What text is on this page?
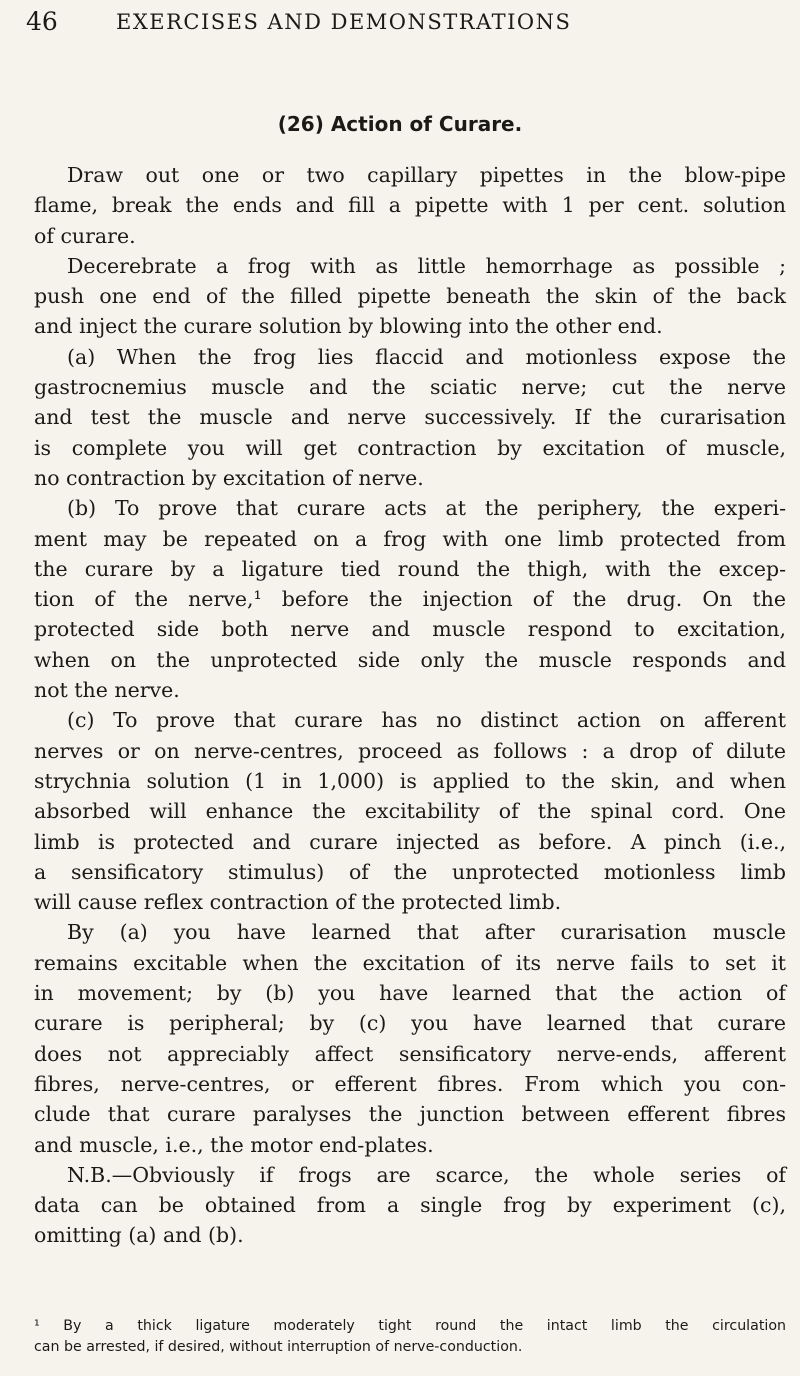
46	EXERCISES AND DEMONSTRATIONS
(26) Action of Curare.
Draw out one or two capillary pipettes in the blow-pipe
flame, break the ends and fill a pipette with 1 per cent. solution
of curare.
Decerebrate a frog with as little hemorrhage as possible ;
push one end of the filled pipette beneath the skin of the back
and inject the curare solution by blowing into the other end.
(a) When the frog lies flaccid and motionless expose the
gastrocnemius muscle and the sciatic nerve; cut the nerve
and test the muscle and nerve successively. If the curarisation
is complete you will get contraction by excitation of muscle,
no contraction by excitation of nerve.
(b) To prove that curare acts at the periphery, the experi-
ment may be repeated on a frog with one limb protected from
the curare by a ligature tied round the thigh, with the excep-
tion of the nerve,¹ before the injection of the drug. On the
protected side both nerve and muscle respond to excitation,
when on the unprotected side only the muscle responds and
not the nerve.
(c) To prove that curare has no distinct action on afferent
nerves or on nerve-centres, proceed as follows : a drop of dilute
strychnia solution (1 in 1,000) is applied to the skin, and when
absorbed will enhance the excitability of the spinal cord. One
limb is protected and curare injected as before. A pinch (i.e.,
a sensificatory stimulus) of the unprotected motionless limb
will cause reflex contraction of the protected limb.
By (a) you have learned that after curarisation muscle
remains excitable when the excitation of its nerve fails to set it
in movement; by (b) you have learned that the action of
curare is peripheral; by (c) you have learned that curare
does not appreciably affect sensificatory nerve-ends, afferent
fibres, nerve-centres, or efferent fibres. From which you con-
clude that curare paralyses the junction between efferent fibres
and muscle, i.e., the motor end-plates.
N.B.—Obviously if frogs are scarce, the whole series of
data can be obtained from a single frog by experiment (c),
omitting (a) and (b).
¹ By a thick ligature moderately tight round the intact limb the circulation
can be arrested, if desired, without interruption of nerve-conduction.
